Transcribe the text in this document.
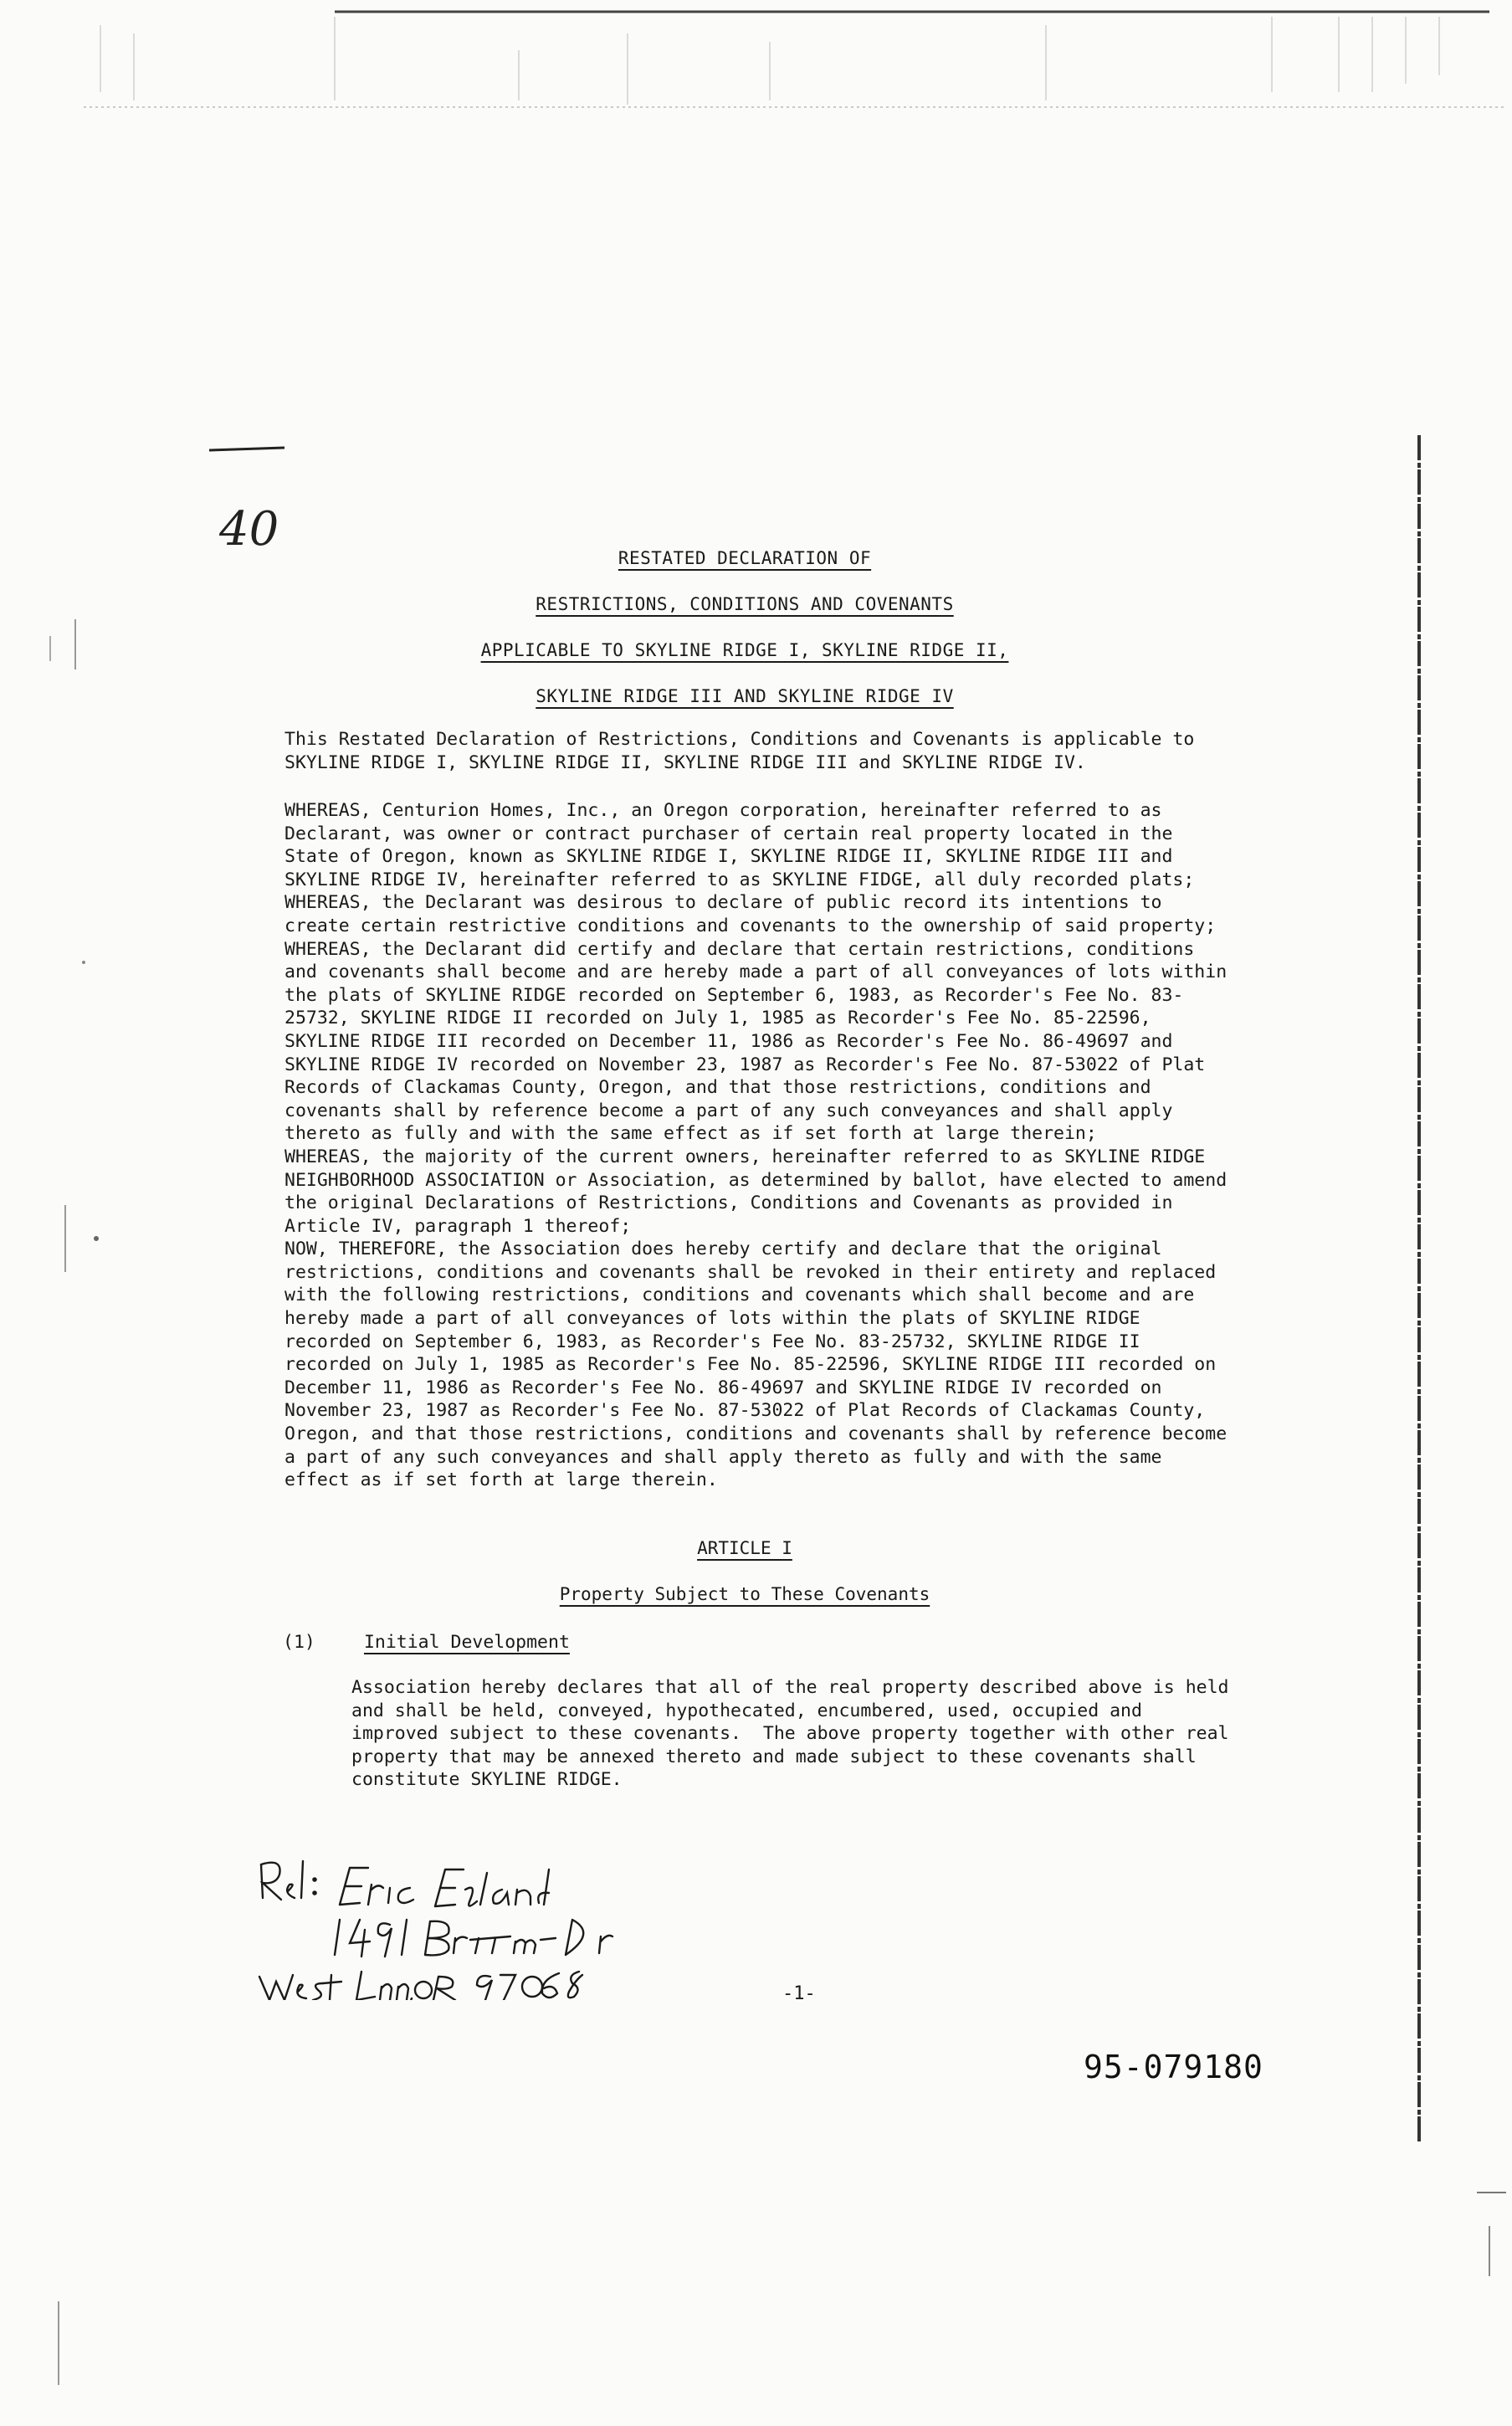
40
RESTATED DECLARATION OF
RESTRICTIONS, CONDITIONS AND COVENANTS
APPLICABLE TO SKYLINE RIDGE I, SKYLINE RIDGE II,
SKYLINE RIDGE III AND SKYLINE RIDGE IV

This Restated Declaration of Restrictions, Conditions and Covenants is applicable to
SKYLINE RIDGE I, SKYLINE RIDGE II, SKYLINE RIDGE III and SKYLINE RIDGE IV.

WHEREAS, Centurion Homes, Inc., an Oregon corporation, hereinafter referred to as
Declarant, was owner or contract purchaser of certain real property located in the
State of Oregon, known as SKYLINE RIDGE I, SKYLINE RIDGE II, SKYLINE RIDGE III and
SKYLINE RIDGE IV, hereinafter referred to as SKYLINE FIDGE, all duly recorded plats;
WHEREAS, the Declarant was desirous to declare of public record its intentions to
create certain restrictive conditions and covenants to the ownership of said property;
WHEREAS, the Declarant did certify and declare that certain restrictions, conditions
and covenants shall become and are hereby made a part of all conveyances of lots within
the plats of SKYLINE RIDGE recorded on September 6, 1983, as Recorder's Fee No. 83-
25732, SKYLINE RIDGE II recorded on July 1, 1985 as Recorder's Fee No. 85-22596,
SKYLINE RIDGE III recorded on December 11, 1986 as Recorder's Fee No. 86-49697 and
SKYLINE RIDGE IV recorded on November 23, 1987 as Recorder's Fee No. 87-53022 of Plat
Records of Clackamas County, Oregon, and that those restrictions, conditions and
covenants shall by reference become a part of any such conveyances and shall apply
thereto as fully and with the same effect as if set forth at large therein;
WHEREAS, the majority of the current owners, hereinafter referred to as SKYLINE RIDGE
NEIGHBORHOOD ASSOCIATION or Association, as determined by ballot, have elected to amend
the original Declarations of Restrictions, Conditions and Covenants as provided in
Article IV, paragraph 1 thereof;
NOW, THEREFORE, the Association does hereby certify and declare that the original
restrictions, conditions and covenants shall be revoked in their entirety and replaced
with the following restrictions, conditions and covenants which shall become and are
hereby made a part of all conveyances of lots within the plats of SKYLINE RIDGE
recorded on September 6, 1983, as Recorder's Fee No. 83-25732, SKYLINE RIDGE II
recorded on July 1, 1985 as Recorder's Fee No. 85-22596, SKYLINE RIDGE III recorded on
December 11, 1986 as Recorder's Fee No. 86-49697 and SKYLINE RIDGE IV recorded on
November 23, 1987 as Recorder's Fee No. 87-53022 of Plat Records of Clackamas County,
Oregon, and that those restrictions, conditions and covenants shall by reference become
a part of any such conveyances and shall apply thereto as fully and with the same
effect as if set forth at large therein.

ARTICLE I
Property Subject to These Covenants
(1)	Initial Development

Association hereby declares that all of the real property described above is held
and shall be held, conveyed, hypothecated, encumbered, used, occupied and
improved subject to these covenants.  The above property together with other real
property that may be annexed thereto and made subject to these covenants shall
constitute SKYLINE RIDGE.

-1-
95-079180
